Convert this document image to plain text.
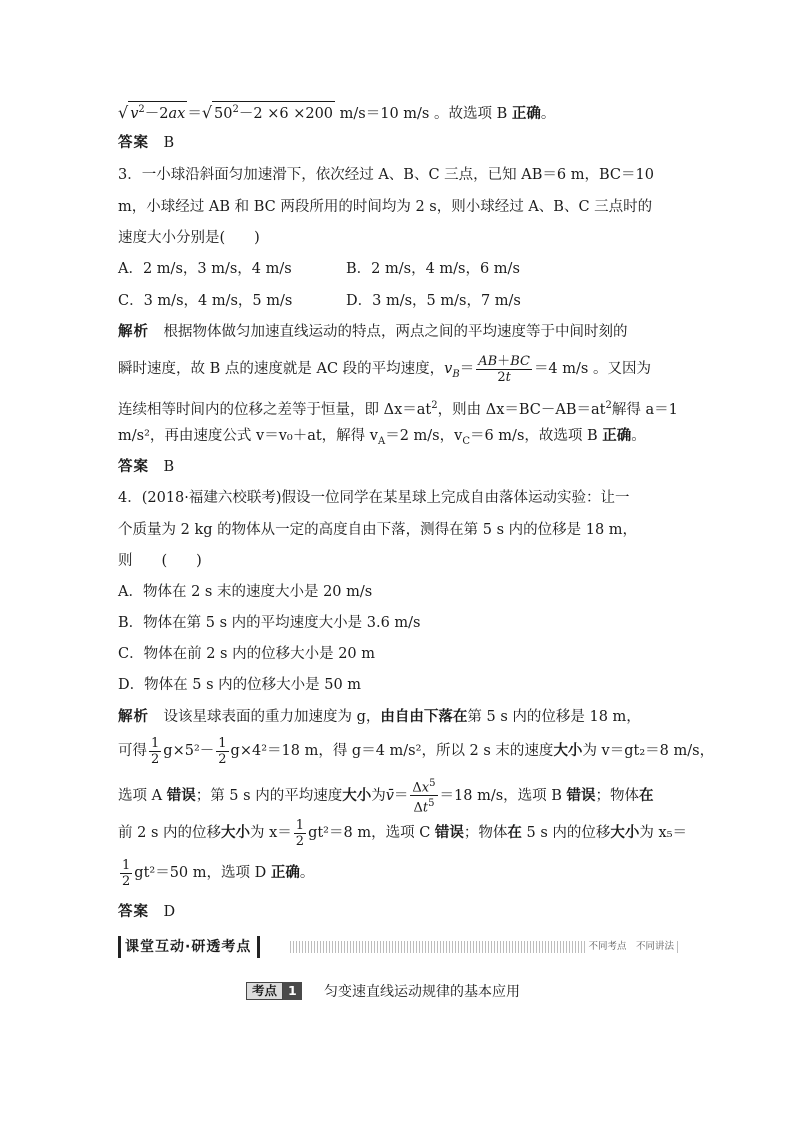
√ $v^2-2ax$ ＝√ $50^2-2 \times 6 \times 200$ m/s＝10 m/s 。故选项 B 正确。
答案　 B
3．一小球沿斜面匀加速滑下，依次经过 A、B、C 三点，已知 AB＝6 m，BC＝10
m，小球经过 AB 和 BC 两段所用的时间均为 2 s，则小球经过 A、B、C 三点时的
速度大小分别是(　　)
A．2 m/s，3 m/s，4 m/s	B．2 m/s，4 m/s，6 m/s
C．3 m/s，4 m/s，5 m/s	D．3 m/s，5 m/s，7 m/s
解析　 根据物体做匀加速直线运动的特点，两点之间的平均速度等于中间时刻的
瞬时速度，故 B 点的速度就是 AC 段的平均速度，$v_B= \frac{AB+BC}{2t} =4$ m/s 。又因为
连续相等时间内的位移之差等于恒量，即 $\Delta x=at^2$，则由 $\Delta x=BC-AB=at^2$解得 a＝1
m/s²，再由速度公式 v＝v₀＋at，解得 $v_A=2$ m/s，$v_C=6$ m/s，故选项 B 正确。
答案　 B
4．(2018·福建六校联考)假设一位同学在某星球上完成自由落体运动实验：让一
个质量为 2 kg 的物体从一定的高度自由下落，测得在第 5 s 内的位移是 18 m，
则　　(　　)
A．物体在 2 s 末的速度大小是 20 m/s
B．物体在第 5 s 内的平均速度大小是 3.6 m/s
C．物体在前 2 s 内的位移大小是 20 m
D．物体在 5 s 内的位移大小是 50 m
解析　 设该星球表面的重力加速度为 g，由自由下落在第 5 s 内的位移是 18 m，
可得 $\frac{1}{2} g\times 5^2- \frac{1}{2} g\times 4^2=18$ m，得 g＝4 m/s²，所以 2 s 末的速度大小为 v＝gt₂＝8 m/s，
选项 A 错误；第 5 s 内的平均速度大小为v̄＝ $\frac{\Delta x^5}{\Delta t^5} =18$ m/s，选项 B 错误；物体在
前 2 s 内的位移大小为 $x= \frac{1}{2} gt^2=8$ m，选项 C 错误；物体在 5 s 内的位移大小为 x₅＝
$\frac{1}{2} gt^2=50$ m，选项 D 正确。
答案　 D
课堂互动·研透考点	不同考点　不同讲法
考点 1	匀变速直线运动规律的基本应用
